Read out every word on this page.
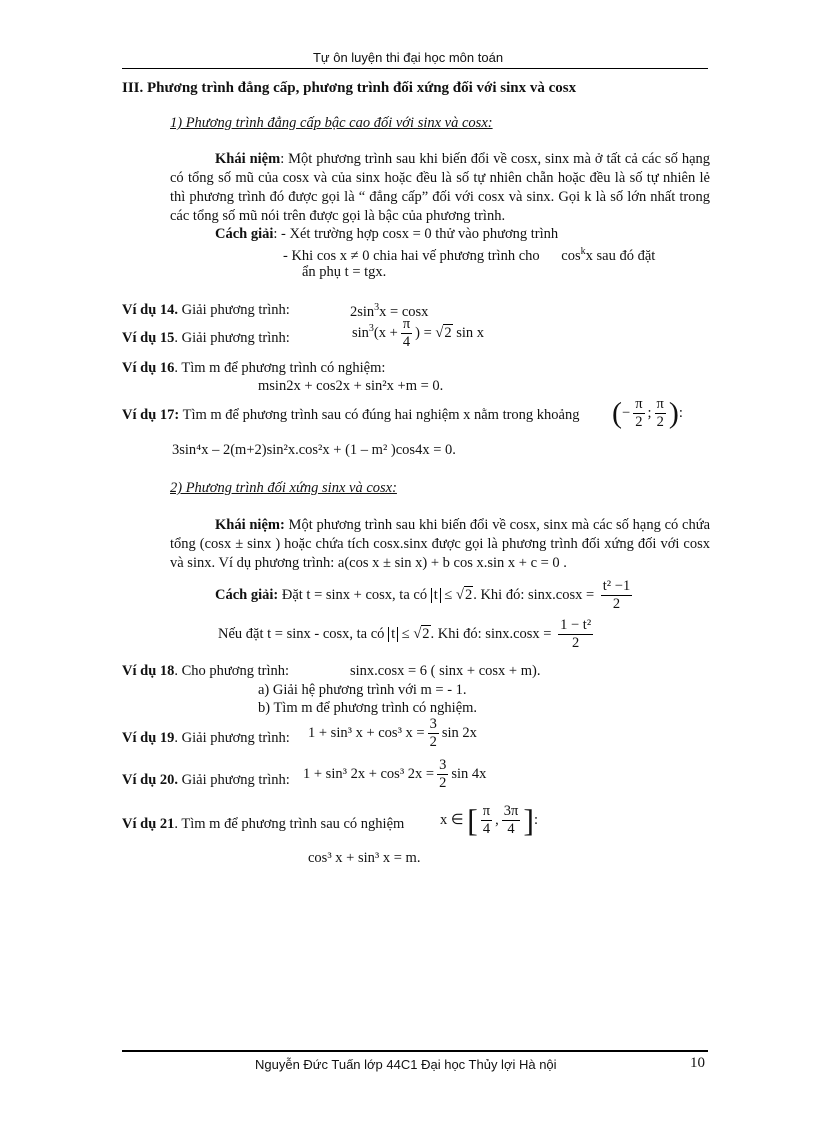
Tự ôn luyện thi đại học môn toán
III. Phương trình đẳng cấp, phương trình đối xứng đối với sinx và cosx
1) Phương trình đẳng cấp bậc cao đối với sinx và cosx:
Khái niệm: Một phương trình sau khi biến đổi về cosx, sinx mà ở tất cả các số hạng có tổng số mũ của cosx và của sinx hoặc đều là số tự nhiên chẵn hoặc đều là số tự nhiên lẻ thì phương trình đó được gọi là “ đẳng cấp” đối với cosx và sinx. Gọi k là số lớn nhất trong các tổng số mũ nói trên được gọi là bậc của phương trình.
Cách giải: - Xét trường hợp cosx = 0 thử vào phương trình
- Khi cos x ≠ 0 chia hai vế phương trình cho $\cos^kx$ sau đó đặt
ẩn phụ t = tgx.
Ví dụ 14. Giải phương trình:	$2\sin^3x = \cos x$
Ví dụ 15. Giải phương trình:	$\sin^3(x + \frac{\pi}{4}$ ) = √2 sin x
Ví dụ 16. Tìm m để phương trình có nghiệm:
msin2x + cos2x + sin²x +m = 0.
Ví dụ 17: Tìm m để phương trình sau có đúng hai nghiệm x nằm trong khoảng (− $\frac{\pi}{2}$ ; $\frac{\pi}{2}$ ):
3sin⁴x – 2(m+2)sin²x.cos²x + (1 – m² )cos4x = 0.
2) Phương trình đối xứng sinx và cosx:
Khái niệm: Một phương trình sau khi biến đổi về cosx, sinx mà các số hạng có chứa tổng (cosx ± sinx ) hoặc chứa tích cosx.sinx được gọi là phương trình đối xứng đối với cosx và sinx. Ví dụ phương trình: a(cos x ± sin x) + b cos x.sin x + c = 0 .
Cách giải: Đặt t = sinx + cosx, ta có t ≤ √2. Khi đó: $\sin x.\cos x = \frac{\text{t² −1}}{2}$
Nếu đặt t = sinx - cosx, ta có t ≤ √2. Khi đó: $\sin x.\cos x = \frac{\text{1 − t²}}{2}$
Ví dụ 18. Cho phương trình:	sinx.cosx = 6 ( sinx + cosx + m).
a) Giải hệ phương trình với m = - 1.
b) Tìm m để phương trình có nghiệm.
Ví dụ 19. Giải phương trình: 1 + sin³ x + cos³ $x = \frac{3}{2}$ sin 2x
Ví dụ 20. Giải phương trình: 1 + sin³ 2x + cos³ $2x = \frac{3}{2}$ sin 4x
Ví dụ 21. Tìm m để phương trình sau có nghiệm x ∈ [ $\frac{\pi}{4}$ , $\frac{3\pi}{4}$ ]:
cos³ x + sin³ x = m.
Nguyễn Đức Tuấn lớp 44C1 Đại học Thủy lợi Hà nội	10
